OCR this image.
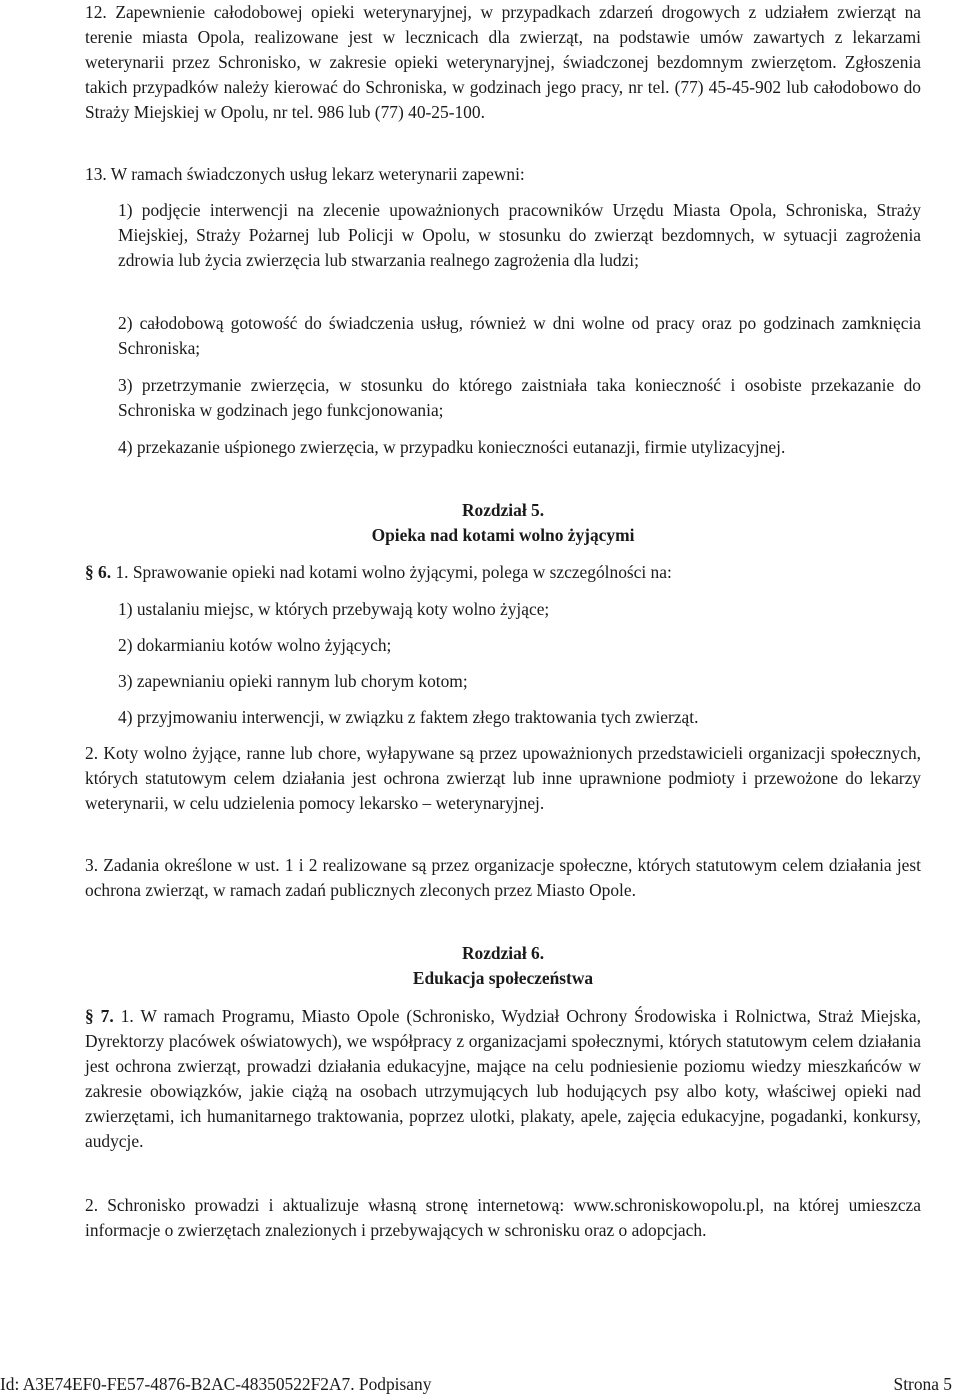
12. Zapewnienie całodobowej opieki weterynaryjnej, w przypadkach zdarzeń drogowych z udziałem zwierząt na terenie miasta Opola, realizowane jest w lecznicach dla zwierząt, na podstawie umów zawartych z lekarzami weterynarii przez Schronisko, w zakresie opieki weterynaryjnej, świadczonej bezdomnym zwierzętom. Zgłoszenia takich przypadków należy kierować do Schroniska, w godzinach jego pracy, nr tel. (77) 45-45-902 lub całodobowo do Straży Miejskiej w Opolu, nr tel. 986 lub (77) 40-25-100.

13. W ramach świadczonych usług lekarz weterynarii zapewni:

1) podjęcie interwencji na zlecenie upoważnionych pracowników Urzędu Miasta Opola, Schroniska, Straży Miejskiej, Straży Pożarnej lub Policji w Opolu, w stosunku do zwierząt bezdomnych, w sytuacji zagrożenia zdrowia lub życia zwierzęcia lub stwarzania realnego zagrożenia dla ludzi;

2) całodobową gotowość do świadczenia usług, również w dni wolne od pracy oraz po godzinach zamknięcia Schroniska;

3) przetrzymanie zwierzęcia, w stosunku do którego zaistniała taka konieczność i osobiste przekazanie do Schroniska w godzinach jego funkcjonowania;

4) przekazanie uśpionego zwierzęcia, w przypadku konieczności eutanazji, firmie utylizacyjnej.

Rozdział 5.

Opieka nad kotami wolno żyjącymi

§ 6. 1. Sprawowanie opieki nad kotami wolno żyjącymi, polega w szczególności na:

1) ustalaniu miejsc, w których przebywają koty wolno żyjące;

2) dokarmianiu kotów wolno żyjących;

3) zapewnianiu opieki rannym lub chorym kotom;

4) przyjmowaniu interwencji, w związku z faktem złego traktowania tych zwierząt.

2. Koty wolno żyjące, ranne lub chore, wyłapywane są przez upoważnionych przedstawicieli organizacji społecznych, których statutowym celem działania jest ochrona zwierząt lub inne uprawnione podmioty i przewożone do lekarzy weterynarii, w celu udzielenia pomocy lekarsko – weterynaryjnej.

3. Zadania określone w ust. 1 i 2 realizowane są przez organizacje społeczne, których statutowym celem działania jest ochrona zwierząt, w ramach zadań publicznych zleconych przez Miasto Opole.

Rozdział 6.

Edukacja społeczeństwa

§ 7. 1. W ramach Programu, Miasto Opole (Schronisko, Wydział Ochrony Środowiska i Rolnictwa, Straż Miejska, Dyrektorzy placówek oświatowych), we współpracy z organizacjami społecznymi, których statutowym celem działania jest ochrona zwierząt, prowadzi działania edukacyjne, mające na celu podniesienie poziomu wiedzy mieszkańców w zakresie obowiązków, jakie ciążą na osobach utrzymujących lub hodujących psy albo koty, właściwej opieki nad zwierzętami, ich humanitarnego traktowania, poprzez ulotki, plakaty, apele, zajęcia edukacyjne, pogadanki, konkursy, audycje.

2. Schronisko prowadzi i aktualizuje własną stronę internetową: www.schroniskowopolu.pl, na której umieszcza informacje o zwierzętach znalezionych i przebywających w schronisku oraz o adopcjach.

Id: A3E74EF0-FE57-4876-B2AC-48350522F2A7. Podpisany	Strona 5
